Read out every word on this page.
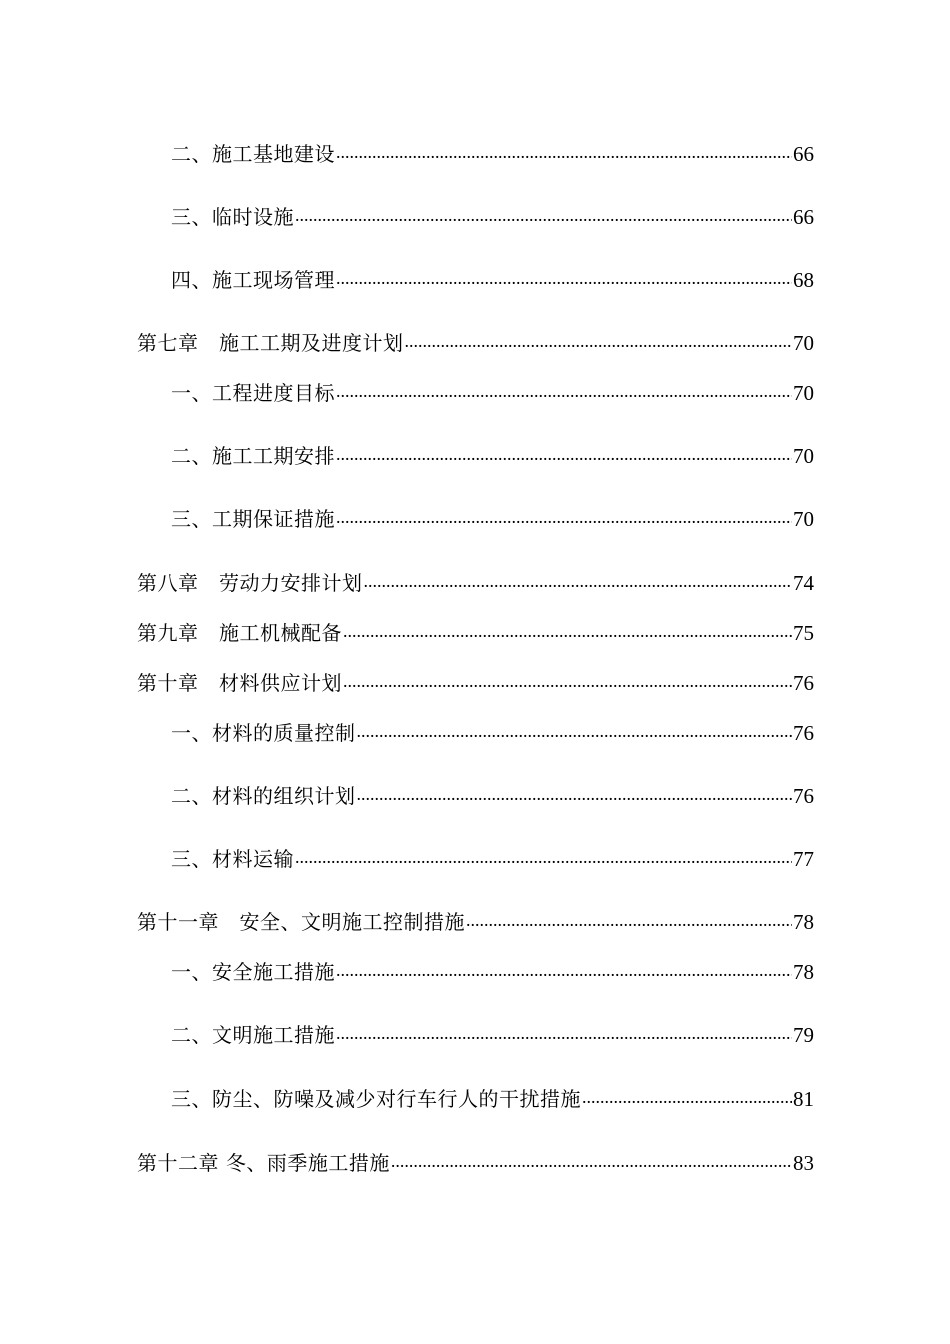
二、施工基地建设 .....	66
三、临时设施 .....	66
四、施工现场管理 .....	68
第七章　施工工期及进度计划 .....	70
一、工程进度目标 .....	70
二、施工工期安排 .....	70
三、工期保证措施 .....	70
第八章　劳动力安排计划 .....	74
第九章　施工机械配备 .....	75
第十章　材料供应计划 .....	76
一、材料的质量控制 .....	76
二、材料的组织计划 .....	76
三、材料运输 .....	77
第十一章　安全、文明施工控制措施 .....	78
一、安全施工措施 .....	78
二、文明施工措施 .....	79
三、防尘、防噪及减少对行车行人的干扰措施 .....	81
第十二章 冬、雨季施工措施 .....	83
